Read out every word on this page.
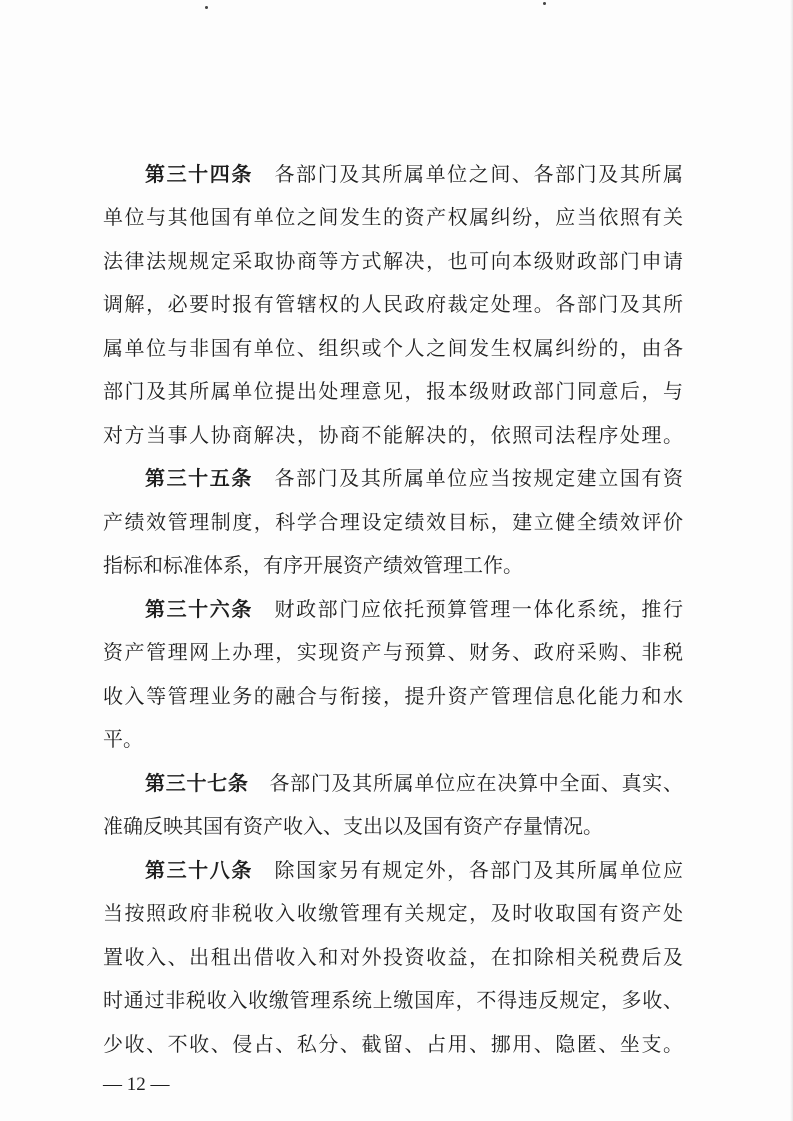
第三十四条　 各部门及其所属单位之间、各部门及其所属

单位与其他国有单位之间发生的资产权属纠纷，应当依照有关

法律法规规定采取协商等方式解决，也可向本级财政部门申请

调解，必要时报有管辖权的人民政府裁定处理。各部门及其所

属单位与非国有单位、组织或个人之间发生权属纠纷的，由各

部门及其所属单位提出处理意见，报本级财政部门同意后，与

对方当事人协商解决，协商不能解决的，依照司法程序处理。

第三十五条　 各部门及其所属单位应当按规定建立国有资

产绩效管理制度，科学合理设定绩效目标，建立健全绩效评价

指标和标准体系，有序开展资产绩效管理工作。

第三十六条　 财政部门应依托预算管理一体化系统，推行

资产管理网上办理，实现资产与预算、财务、政府采购、非税

收入等管理业务的融合与衔接，提升资产管理信息化能力和水

平。

第三十七条　 各部门及其所属单位应在决算中全面、真实、

准确反映其国有资产收入、支出以及国有资产存量情况。

第三十八条　 除国家另有规定外，各部门及其所属单位应

当按照政府非税收入收缴管理有关规定，及时收取国有资产处

置收入、出租出借收入和对外投资收益，在扣除相关税费后及

时通过非税收入收缴管理系统上缴国库，不得违反规定，多收、

少收、不收、侵占、私分、截留、占用、挪用、隐匿、坐支。

— 12 —
